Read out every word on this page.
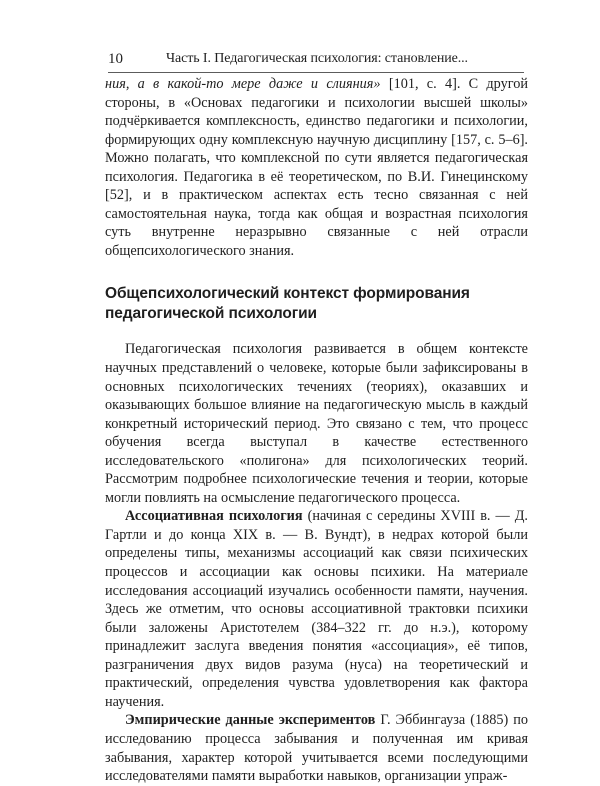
10	Часть I. Педагогическая психология: становление...

ния, а в какой-то мере даже и слияния» [101, с. 4]. С другой стороны, в «Основах педагогики и психологии высшей школы» подчёркивается комплексность, единство педагогики и психологии, формирующих одну комплексную научную дисциплину [157, с. 5–6]. Можно полагать, что комплексной по сути является педагогическая психология. Педагогика в её теоретическом, по В.И. Гинецинскому [52], и в практическом аспектах есть тесно связанная с ней самостоятельная наука, тогда как общая и возрастная психология суть внутренне неразрывно связанные с ней отрасли общепсихологического знания.

Общепсихологический контекст формирования педагогической психологии

Педагогическая психология развивается в общем контексте научных представлений о человеке, которые были зафиксированы в основных психологических течениях (теориях), оказавших и оказывающих большое влияние на педагогическую мысль в каждый конкретный исторический период. Это связано с тем, что процесс обучения всегда выступал в качестве естественного исследовательского «полигона» для психологических теорий. Рассмотрим подробнее психологические течения и теории, которые могли повлиять на осмысление педагогического процесса.

Ассоциативная психология (начиная с середины XVIII в. — Д. Гартли и до конца XIX в. — В. Вундт), в недрах которой были определены типы, механизмы ассоциаций как связи психических процессов и ассоциации как основы психики. На материале исследования ассоциаций изучались особенности памяти, научения. Здесь же отметим, что основы ассоциативной трактовки психики были заложены Аристотелем (384–322 гг. до н.э.), которому принадлежит заслуга введения понятия «ассоциация», её типов, разграничения двух видов разума (нуса) на теоретический и практический, определения чувства удовлетворения как фактора научения.

Эмпирические данные экспериментов Г. Эббингауза (1885) по исследованию процесса забывания и полученная им кривая забывания, характер которой учитывается всеми последующими исследователями памяти выработки навыков, организации упраж-
